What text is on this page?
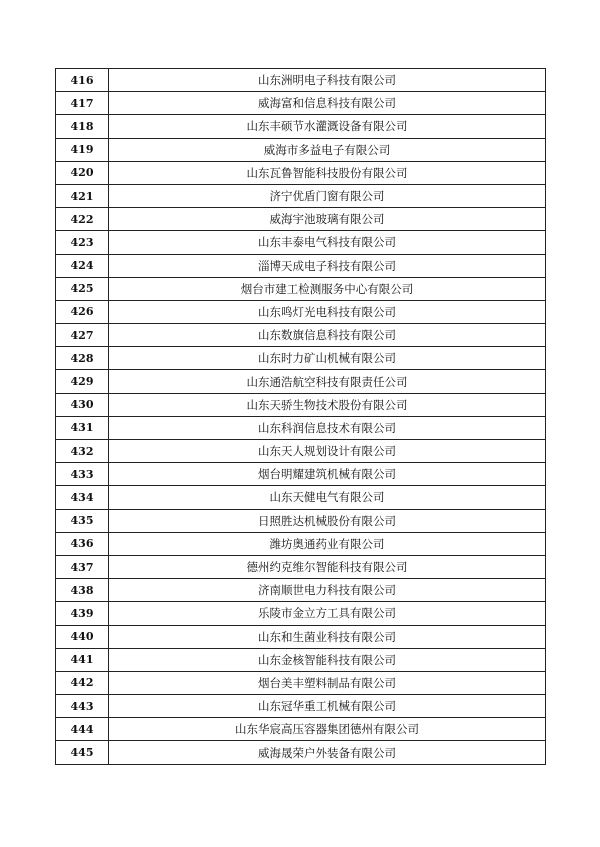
416	山东洲明电子科技有限公司
417	威海富和信息科技有限公司
418	山东丰硕节水灌溉设备有限公司
419	威海市多益电子有限公司
420	山东瓦鲁智能科技股份有限公司
421	济宁优盾门窗有限公司
422	威海宇池玻璃有限公司
423	山东丰泰电气科技有限公司
424	淄博天成电子科技有限公司
425	烟台市建工检测服务中心有限公司
426	山东鸣灯光电科技有限公司
427	山东数旗信息科技有限公司
428	山东时力矿山机械有限公司
429	山东通浩航空科技有限责任公司
430	山东天骄生物技术股份有限公司
431	山东科润信息技术有限公司
432	山东天人规划设计有限公司
433	烟台明耀建筑机械有限公司
434	山东天健电气有限公司
435	日照胜达机械股份有限公司
436	潍坊奥通药业有限公司
437	德州约克维尔智能科技有限公司
438	济南顺世电力科技有限公司
439	乐陵市金立方工具有限公司
440	山东和生菌业科技有限公司
441	山东金核智能科技有限公司
442	烟台美丰塑料制品有限公司
443	山东冠华重工机械有限公司
444	山东华宸高压容器集团德州有限公司
445	威海晟荣户外装备有限公司
